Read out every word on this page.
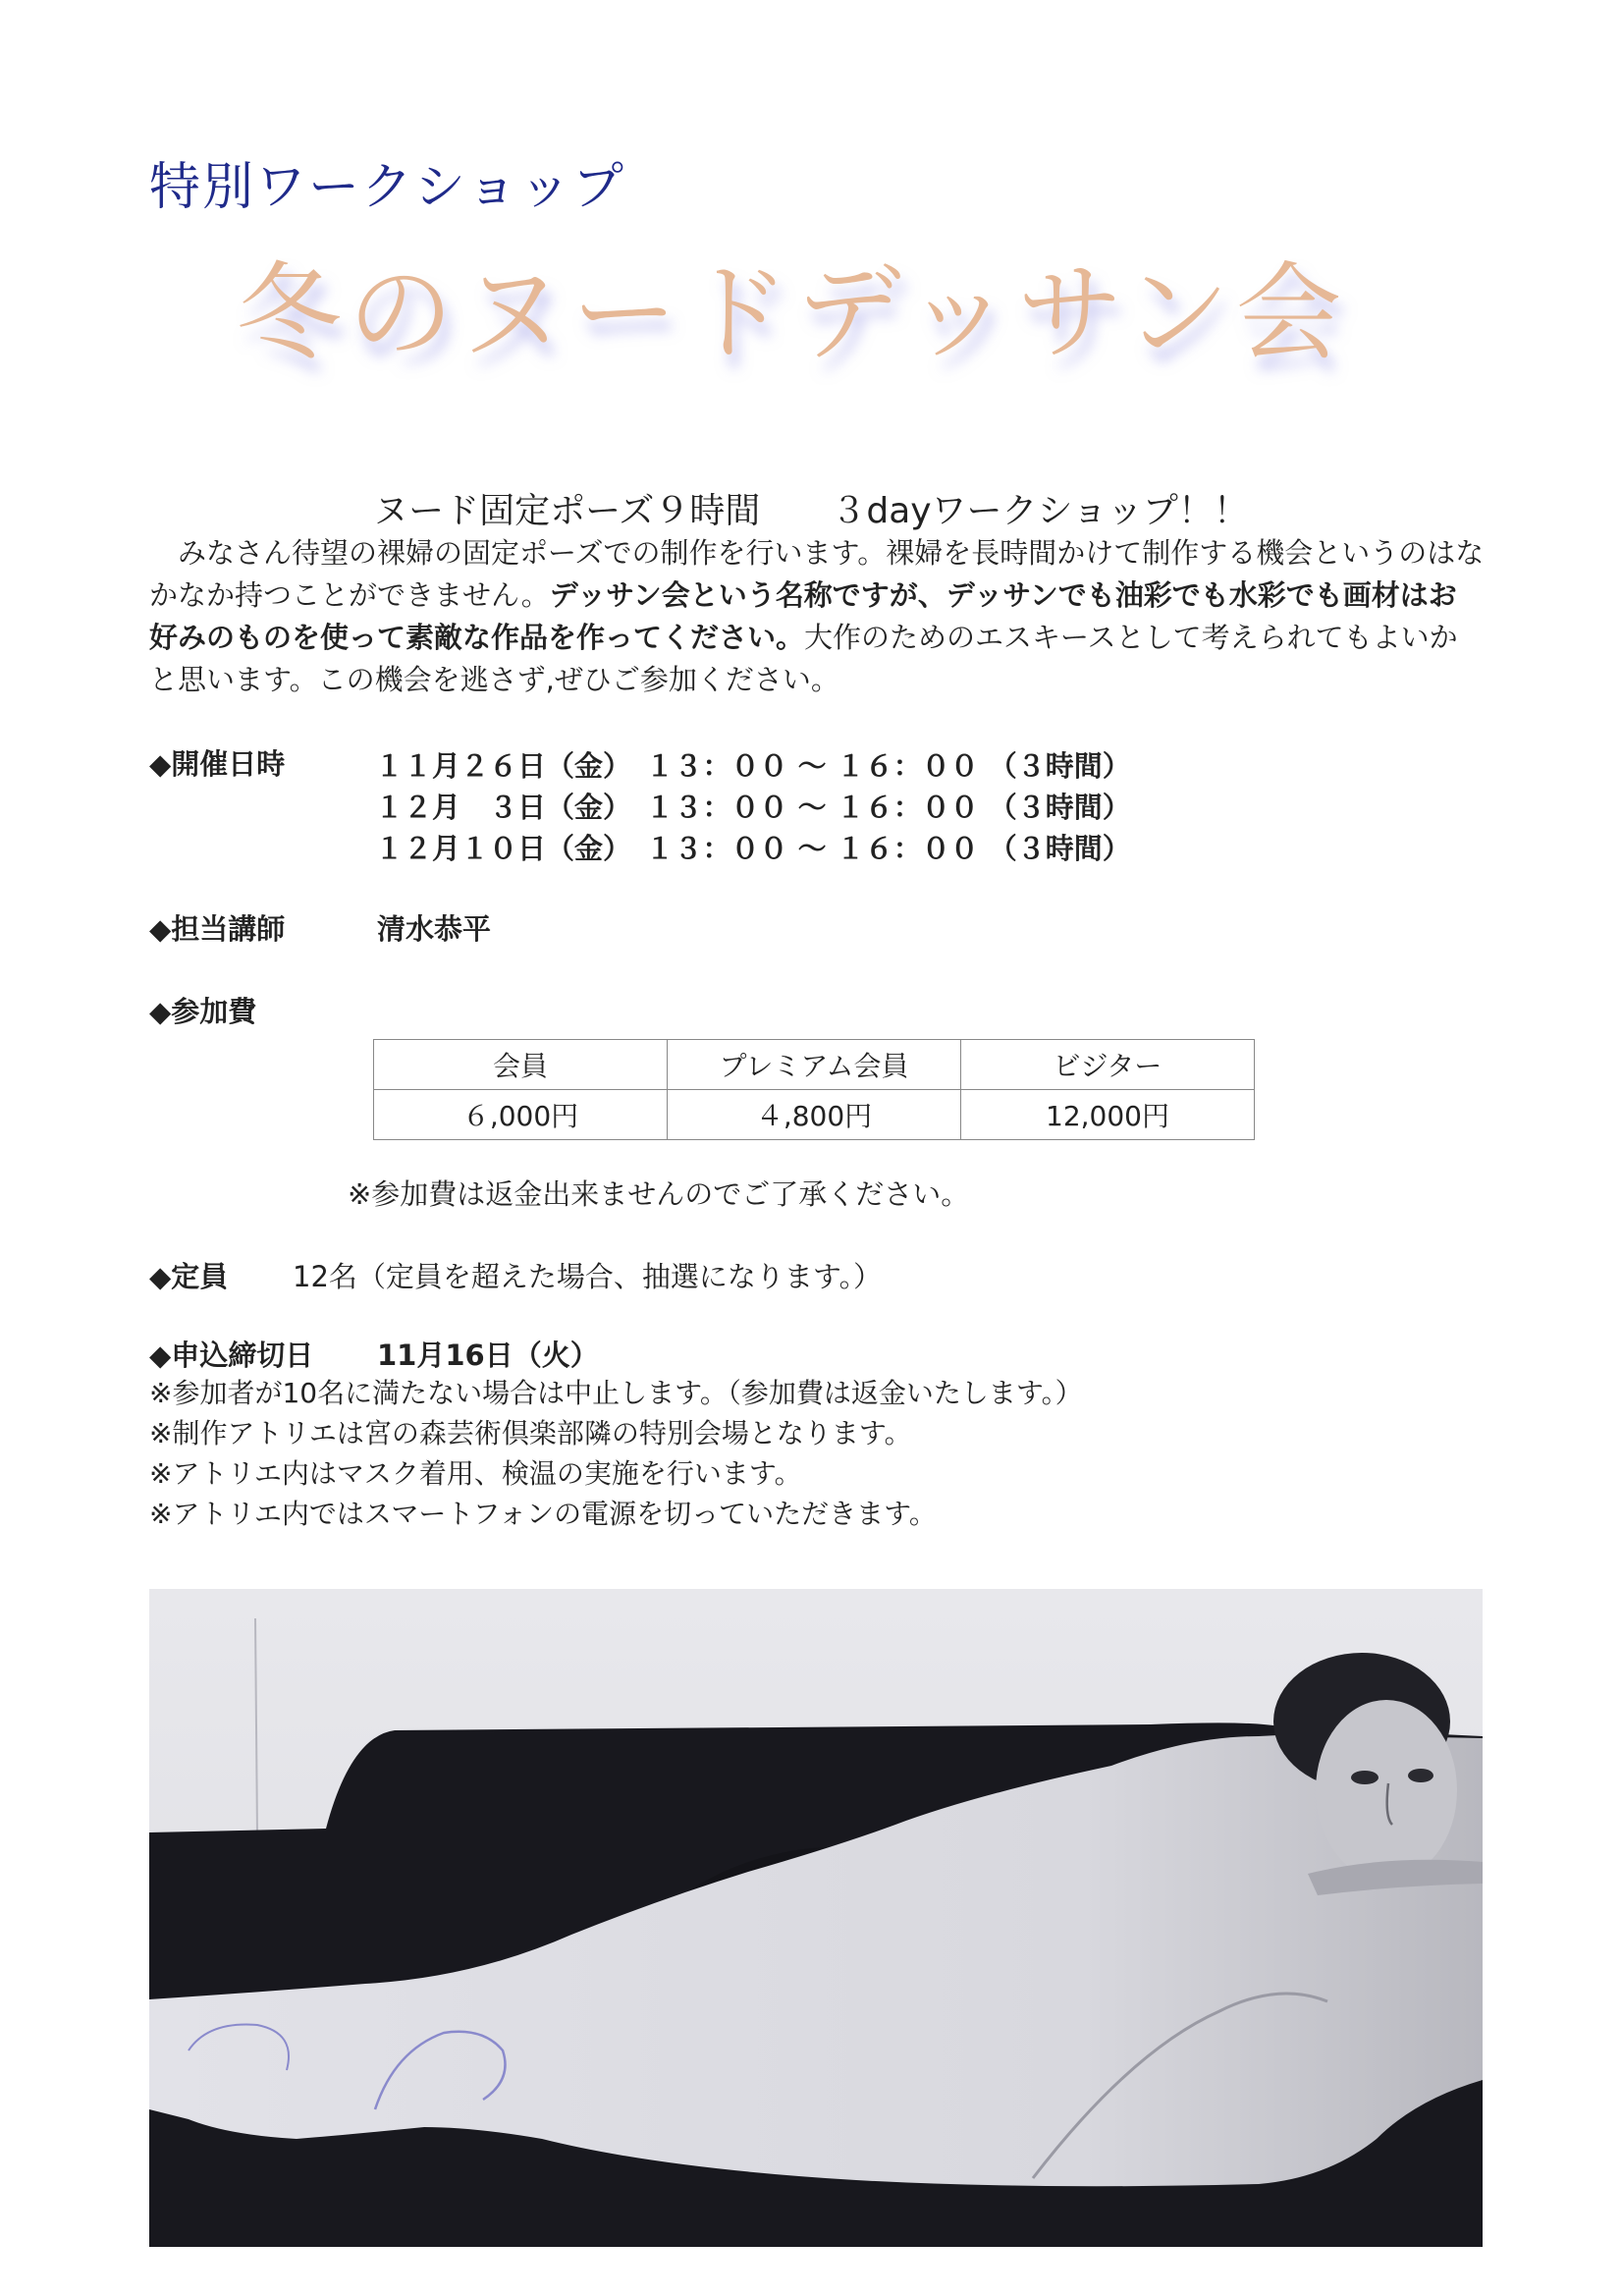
特別ワークショップ
冬のヌードデッサン会
ヌード固定ポーズ９時間　　３dayワークショップ！！
　みなさん待望の裸婦の固定ポーズでの制作を行います。裸婦を長時間かけて制作する機会というのはなかなか持つことができません。デッサン会という名称ですが、デッサンでも油彩でも水彩でも画材はお好みのものを使って素敵な作品を作ってください。大作のためのエスキースとして考えられてもよいかと思います。この機会を逃さず,ぜひご参加ください。
◆開催日時	１１月２６日（金）　１３：００ 〜 １６：００ （３時間）
１２月　３日（金）　１３：００ 〜 １６：００ （３時間）
１２月１０日（金）　１３：００ 〜 １６：００ （３時間）
◆担当講師	清水恭平
◆参加費
会員	プレミアム会員	ビジター
６,000円	４,800円	12,000円
※参加費は返金出来ませんのでご了承ください。
◆定員 12名（定員を超えた場合、抽選になります。）
◆申込締切日 11月16日（火）
※参加者が10名に満たない場合は中止します。（参加費は返金いたします。）
※制作アトリエは宮の森芸術倶楽部隣の特別会場となります。
※アトリエ内はマスク着用、検温の実施を行います。
※アトリエ内ではスマートフォンの電源を切っていただきます。
